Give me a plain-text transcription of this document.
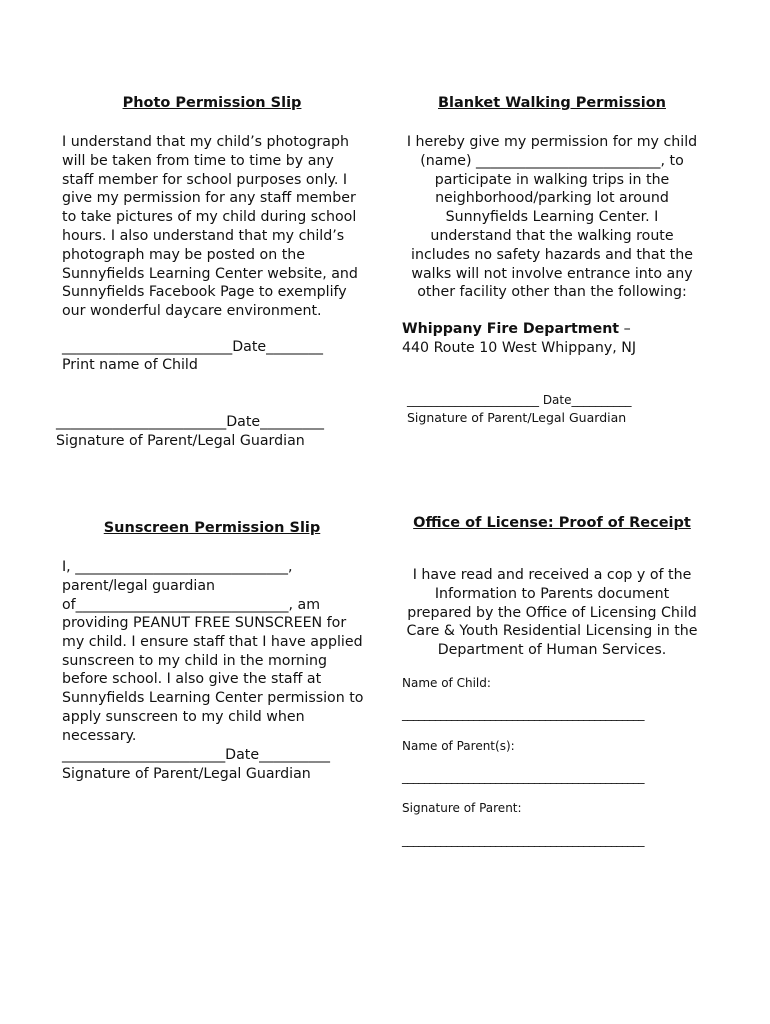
Photo Permission Slip
I understand that my child’s photograph will be taken from time to time by any staff member for school purposes only. I give my permission for any staff member to take pictures of my child during school hours. I also understand that my child’s photograph may be posted on the Sunnyfields Learning Center website, and Sunnyfields Facebook Page to exemplify our wonderful daycare environment.
________________________Date________
Print name of Child
________________________Date_________
Signature of Parent/Legal Guardian
Blanket Walking Permission
I hereby give my permission for my child (name) __________________________, to participate in walking trips in the neighborhood/parking lot around Sunnyfields Learning Center. I understand that the walking route includes no safety hazards and that the walks will not involve entrance into any other facility other than the following:
Whippany Fire Department –
440 Route 10 West Whippany, NJ
______________________ Date__________
Signature of Parent/Legal Guardian
Sunscreen Permission Slip
I, ______________________________,
parent/legal guardian
of______________________________, am
providing PEANUT FREE SUNSCREEN for my child. I ensure staff that I have applied sunscreen to my child in the morning before school. I also give the staff at Sunnyfields Learning Center permission to apply sunscreen to my child when necessary.
_______________________Date__________
Signature of Parent/Legal Guardian
Office of License: Proof of Receipt
I have read and received a cop y of the Information to Parents document prepared by the Office of Licensing Child Care & Youth Residential Licensing in the Department of Human Services.
Name of Child:
____________________________________________
Name of Parent(s):
____________________________________________
Signature of Parent:
____________________________________________
